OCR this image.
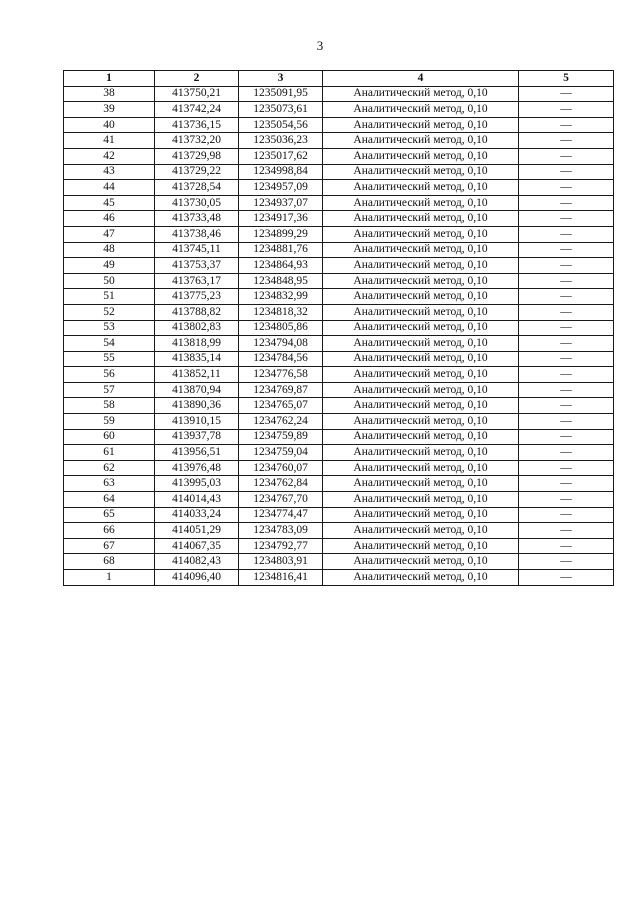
3
1	2	3	4	5
38	413750,21	1235091,95	Аналитический метод, 0,10	—
39	413742,24	1235073,61	Аналитический метод, 0,10	—
40	413736,15	1235054,56	Аналитический метод, 0,10	—
41	413732,20	1235036,23	Аналитический метод, 0,10	—
42	413729,98	1235017,62	Аналитический метод, 0,10	—
43	413729,22	1234998,84	Аналитический метод, 0,10	—
44	413728,54	1234957,09	Аналитический метод, 0,10	—
45	413730,05	1234937,07	Аналитический метод, 0,10	—
46	413733,48	1234917,36	Аналитический метод, 0,10	—
47	413738,46	1234899,29	Аналитический метод, 0,10	—
48	413745,11	1234881,76	Аналитический метод, 0,10	—
49	413753,37	1234864,93	Аналитический метод, 0,10	—
50	413763,17	1234848,95	Аналитический метод, 0,10	—
51	413775,23	1234832,99	Аналитический метод, 0,10	—
52	413788,82	1234818,32	Аналитический метод, 0,10	—
53	413802,83	1234805,86	Аналитический метод, 0,10	—
54	413818,99	1234794,08	Аналитический метод, 0,10	—
55	413835,14	1234784,56	Аналитический метод, 0,10	—
56	413852,11	1234776,58	Аналитический метод, 0,10	—
57	413870,94	1234769,87	Аналитический метод, 0,10	—
58	413890,36	1234765,07	Аналитический метод, 0,10	—
59	413910,15	1234762,24	Аналитический метод, 0,10	—
60	413937,78	1234759,89	Аналитический метод, 0,10	—
61	413956,51	1234759,04	Аналитический метод, 0,10	—
62	413976,48	1234760,07	Аналитический метод, 0,10	—
63	413995,03	1234762,84	Аналитический метод, 0,10	—
64	414014,43	1234767,70	Аналитический метод, 0,10	—
65	414033,24	1234774,47	Аналитический метод, 0,10	—
66	414051,29	1234783,09	Аналитический метод, 0,10	—
67	414067,35	1234792,77	Аналитический метод, 0,10	—
68	414082,43	1234803,91	Аналитический метод, 0,10	—
1	414096,40	1234816,41	Аналитический метод, 0,10	—
